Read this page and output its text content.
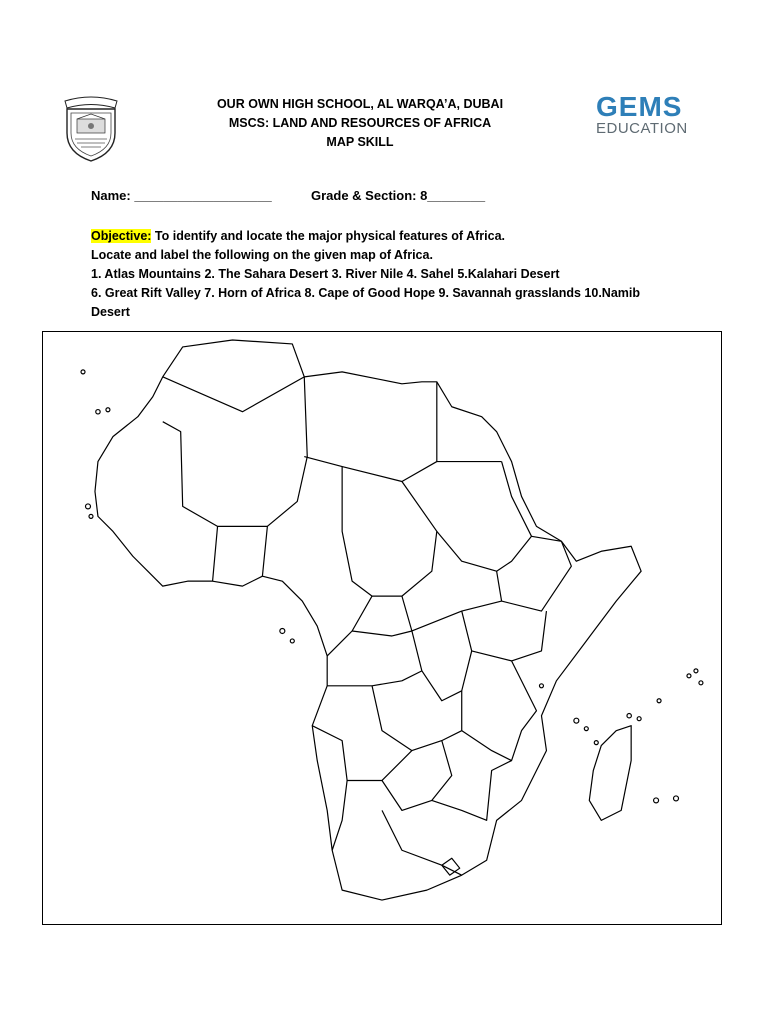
OUR OWN HIGH SCHOOL, AL WARQA’A, DUBAI
MSCS: LAND AND RESOURCES OF AFRICA
MAP SKILL
GEMS
EDUCATION
Name: ___________________	Grade & Section: 8________
Objective: To identify and locate the major physical features of Africa.
Locate and label the following on the given map of Africa.
1. Atlas Mountains 2. The Sahara Desert 3. River Nile 4. Sahel 5.Kalahari Desert
6. Great Rift Valley 7. Horn of Africa 8. Cape of Good Hope 9. Savannah grasslands 10.Namib
Desert
